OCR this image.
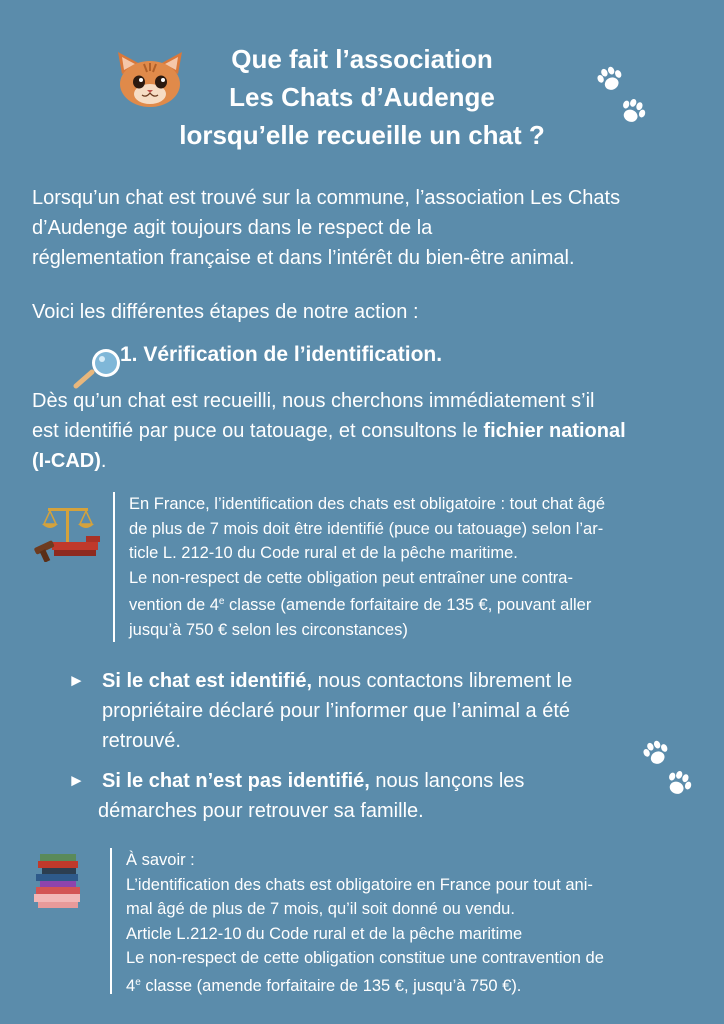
Que fait l’association
Les Chats d’Audenge
lorsqu’elle recueille un chat ?
Lorsqu’un chat est trouvé sur la commune, l’association Les Chats
d’Audenge agit toujours dans le respect de la
réglementation française et dans l’intérêt du bien-être animal.
Voici les différentes étapes de notre action :
1. Vérification de l’identification.
Dès qu’un chat est recueilli, nous cherchons immédiatement s’il
est identifié par puce ou tatouage, et consultons le fichier national
(I-CAD).
En France, l’identification des chats est obligatoire : tout chat âgé
de plus de 7 mois doit être identifié (puce ou tatouage) selon l’ar-
ticle L. 212-10 du Code rural et de la pêche maritime.
Le non-respect de cette obligation peut entraîner une contra-
vention de 4e classe (amende forfaitaire de 135 €, pouvant aller
jusqu’à 750 € selon les circonstances)
► Si le chat est identifié, nous contactons librement le
propriétaire déclaré pour l’informer que l’animal a été
retrouvé.
► Si le chat n’est pas identifié, nous lançons les
démarches pour retrouver sa famille.
À savoir :
L’identification des chats est obligatoire en France pour tout ani-
mal âgé de plus de 7 mois, qu’il soit donné ou vendu.
Article L.212-10 du Code rural et de la pêche maritime
Le non-respect de cette obligation constitue une contravention de
4e classe (amende forfaitaire de 135 €, jusqu’à 750 €).
